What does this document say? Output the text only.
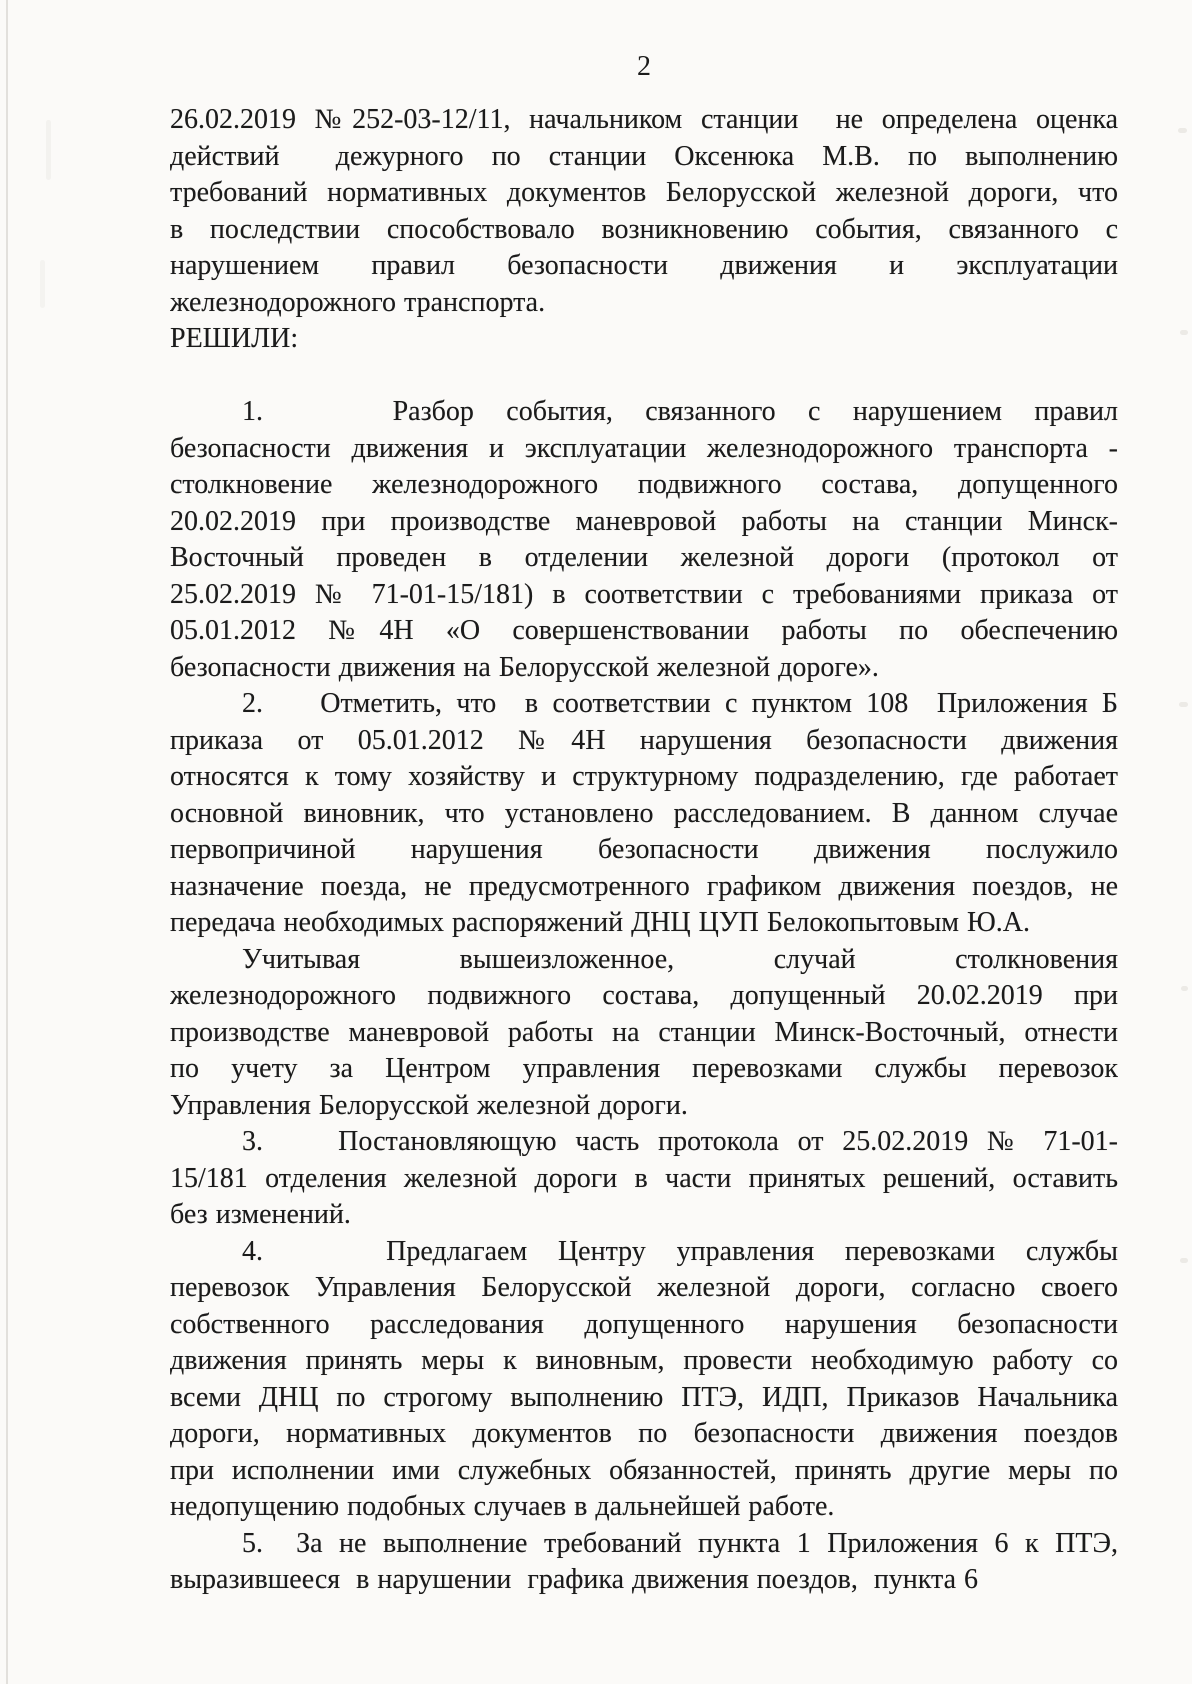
2
26.02.2019 №252-03-12/11, начальником станции  не определена оценка
действий  дежурного по станции Оксенюка М.В. по выполнению
требований нормативных документов Белорусской железной дороги, что
в последствии способствовало возникновению события, связанного с
нарушением правил безопасности движения и эксплуатации
железнодорожного транспорта.
РЕШИЛИ:
1.    Разбор события, связанного с нарушением правил
безопасности движения и эксплуатации железнодорожного транспорта -
столкновение железнодорожного подвижного состава, допущенного
20.02.2019 при производстве маневровой работы на станции Минск-
Восточный проведен в отделении железной дороги (протокол от
25.02.2019 № 71-01-15/181) в соответствии с требованиями приказа от
05.01.2012 №4Н «О совершенствовании работы по обеспечению
безопасности движения на Белорусской железной дороге».
2.    Отметить, что  в соответствии с пунктом 108  Приложения Б
приказа от 05.01.2012 №4Н нарушения безопасности движения
относятся к тому хозяйству и структурному подразделению, где работает
основной виновник, что установлено расследованием. В данном случае
первопричиной нарушения безопасности движения послужило
назначение поезда, не предусмотренного графиком движения поездов, не
передача необходимых распоряжений ДНЦ ЦУП Белокопытовым Ю.А.
Учитывая вышеизложенное, случай столкновения
железнодорожного подвижного состава, допущенный 20.02.2019 при
производстве маневровой работы на станции Минск-Восточный, отнести
по учету за Центром управления перевозками службы перевозок
Управления Белорусской железной дороги.
3.    Постановляющую часть протокола от 25.02.2019 № 71-01-
15/181 отделения железной дороги в части принятых решений, оставить
без изменений.
4.    Предлагаем Центру управления перевозками службы
перевозок Управления Белорусской железной дороги, согласно своего
собственного расследования допущенного нарушения безопасности
движения принять меры к виновным, провести необходимую работу со
всеми ДНЦ по строгому выполнению ПТЭ, ИДП, Приказов Начальника
дороги, нормативных документов по безопасности движения поездов
при исполнении ими служебных обязанностей, принять другие меры по
недопущению подобных случаев в дальнейшей работе.
5.  За не выполнение требований пункта 1 Приложения 6 к ПТЭ,
выразившееся  в нарушении  графика движения поездов,  пункта 6
